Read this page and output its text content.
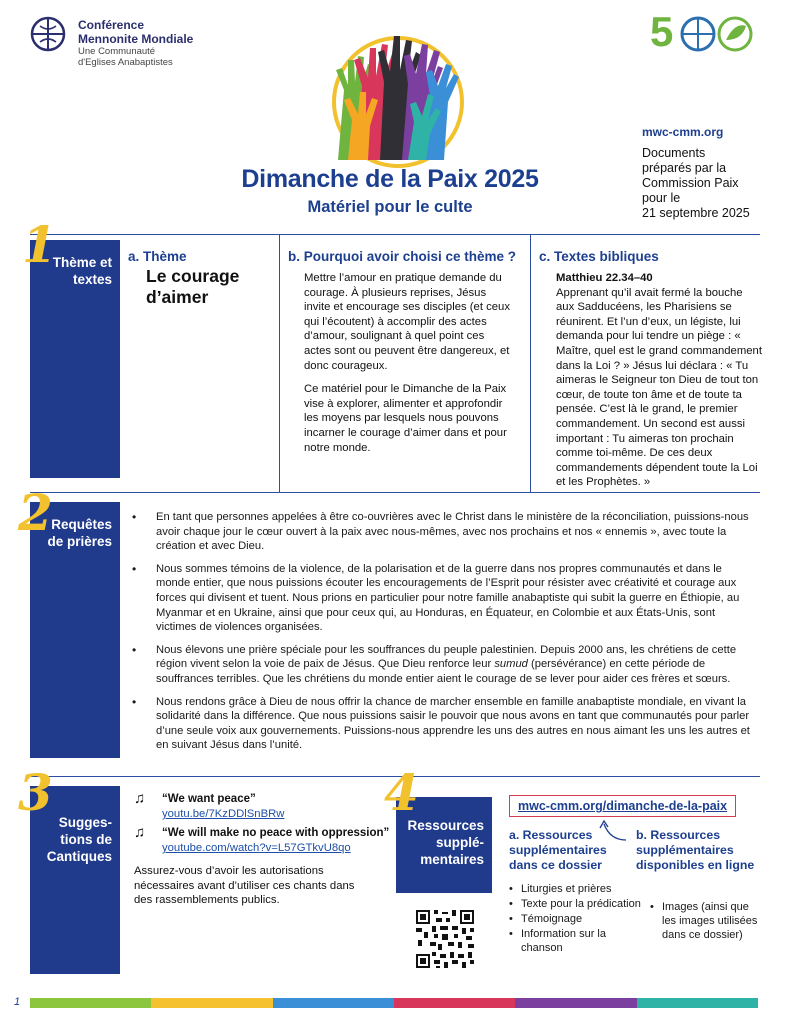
Conférence
Mennonite Mondiale
Une Communauté
d'Eglises Anabaptistes
5
mwc-cmm.org
Documents
préparés par la
Commission Paix
pour le
21 septembre 2025
Dimanche de la Paix 2025
Matériel pour le culte
Thème et
textes
1	a. Thème
Le courage
d’aimer
b. Pourquoi avoir choisi ce thème ?

Mettre l’amour en pratique demande du courage. À plusieurs reprises, Jésus invite et encourage ses disciples (et ceux qui l’écoutent) à accomplir des actes d’amour, soulignant à quel point ces actes sont ou peuvent être dangereux, et donc courageux.

Ce matériel pour le Dimanche de la Paix vise à explorer, alimenter et approfondir les moyens par lesquels nous pouvons incarner le courage d’aimer dans et pour notre monde.

c. Textes bibliques
Matthieu 22.34–40
Apprenant qu’il avait fermé la bouche aux Sadducéens, les Pharisiens se réunirent. Et l’un d’eux, un légiste, lui demanda pour lui tendre un piège : « Maître, quel est le grand commandement dans la Loi ? » Jésus lui déclara : « Tu aimeras le Seigneur ton Dieu de tout ton cœur, de toute ton âme et de toute ta pensée. C’est là le grand, le premier commandement. Un second est aussi important : Tu aimeras ton prochain comme toi-même. De ces deux commandements dépendent toute la Loi et les Prophètes. »
Requêtes
de prières
2
•	En tant que personnes appelées à être co-ouvrières avec le Christ dans le ministère de la réconciliation, puissions-nous avoir chaque jour le cœur ouvert à la paix avec nous-mêmes, avec nos prochains et nos « ennemis », avec toute la création et avec Dieu.
• Nous sommes témoins de la violence, de la polarisation et de la guerre dans nos propres communautés et dans le monde entier, que nous puissions écouter les encouragements de l’Esprit pour résister avec créativité et courage aux forces qui divisent et tuent. Nous prions en particulier pour notre famille anabaptiste qui subit la guerre en Éthiopie, au Myanmar et en Ukraine, ainsi que pour ceux qui, au Honduras, en Équateur, en Colombie et aux États-Unis, sont victimes de violences organisées.
• Nous élevons une prière spéciale pour les souffrances du peuple palestinien. Depuis 2000 ans, les chrétiens de cette région vivent selon la voie de paix de Jésus. Que Dieu renforce leur sumud (persévérance) en cette période de souffrances terribles. Que les chrétiens du monde entier aient le courage de se lever pour aider ces frères et sœurs.
• Nous rendons grâce à Dieu de nous offrir la chance de marcher ensemble en famille anabaptiste mondiale, en vivant la solidarité dans la différence. Que nous puissions saisir le pouvoir que nous avons en tant que communautés pour parler d’une seule voix aux gouvernements. Puissions-nous apprendre les uns des autres en nous aimant les uns les autres et en suivant Jésus dans l’unité.
Sugges-
tions de
Cantiques
3	♫ “We want peace”
youtu.be/7KzDDlSnBRw
♫ “We will make no peace with oppression”
youtube.com/watch?v=L57GTkvU8qo
Assurez-vous d’avoir les autorisations nécessaires avant d’utiliser ces chants dans des rassemblements publics.
Ressources
supplé-
mentaires
4	mwc-cmm.org/dimanche-de-la-paix
a. Ressources supplémentaires dans ce dossier
• Liturgies et prières
• Texte pour la prédication
• Témoignage
• Information sur la chanson
b. Ressources supplémentaires disponibles en ligne
• Images (ainsi que les images utilisées dans ce dossier)
1
